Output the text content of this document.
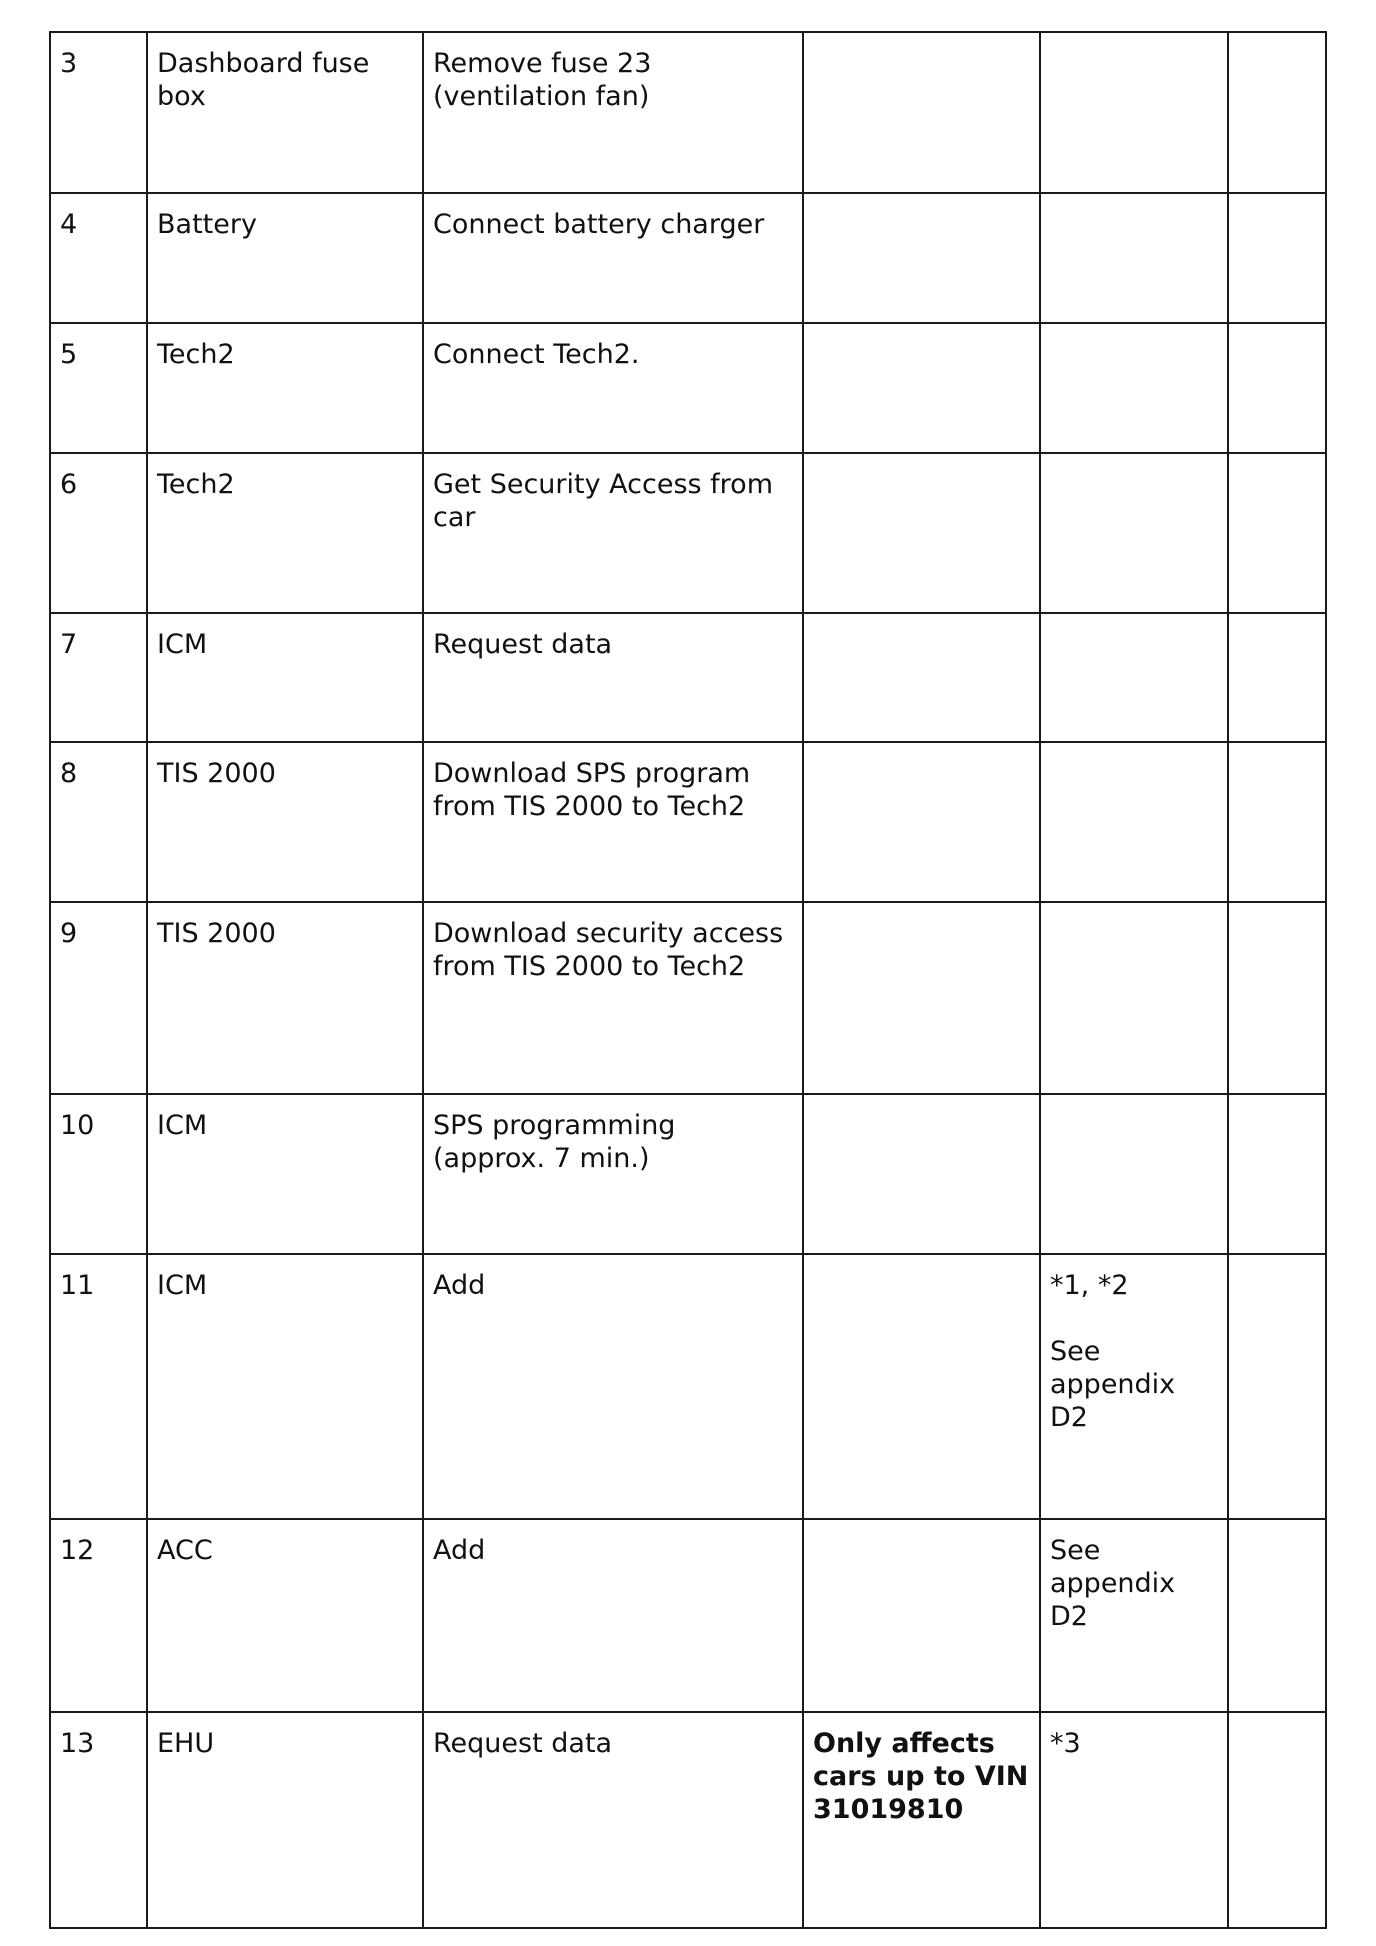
3	Dashboard fuse box	Remove fuse 23 (ventilation fan)			
4	Battery	Connect battery charger			
5	Tech2	Connect Tech2.			
6	Tech2	Get Security Access from car			
7	ICM	Request data			
8	TIS 2000	Download SPS program from TIS 2000 to Tech2			
9	TIS 2000	Download security access from TIS 2000 to Tech2			
10	ICM	SPS programming (approx. 7 min.)			
11	ICM	Add		*1, *2
See appendix D2	

12	ACC	Add		See appendix D2	

13	EHU	Request data	Only affects cars up to VIN 31019810	*3	
